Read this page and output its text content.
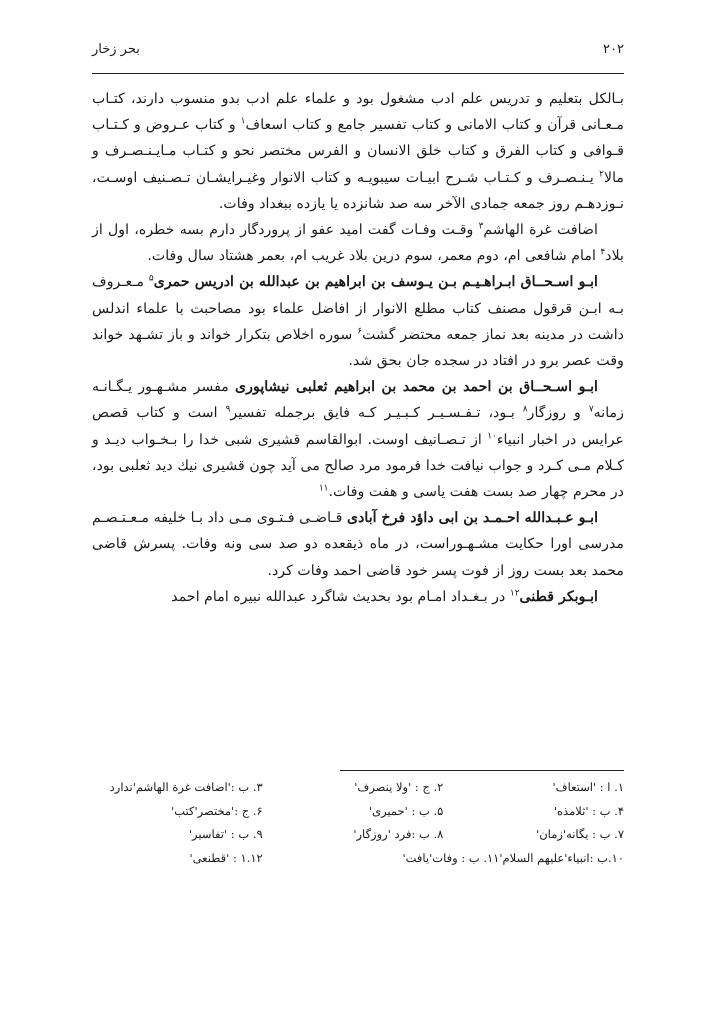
۲۰۲
بحر زخار

بـالکل بتعلیم و تدریس علم ادب مشغول بود و علماء علم ادب بدو منسوب دارند، کتـاب مـعـانی قرآن و کتاب الامانی و کتاب تفسیر جامع و کتاب اسعاف$^۱$ و کتاب عـروض و کـتـاب قـوافی و کتاب الفرق و کتاب خلق الانسان و الفرس مختصر نحو و کتـاب مـایـنـصـرف و مالا$^۲$ یـنـصـرف و کـتـاب شـرح ابیـات سیبویـه و کتاب الانوار وغیـرایشـان تـصـنیف اوسـت، نـوزدهـم روز جمعه جمادی الآخر سه صد شانزده یا یازده ببغداد وفات.

اضافت غرة الهاشم$^۳$ وقـت وفـات گفت امید عفو از پروردگار دارم بسه خطره، اول از بلاد$^۴$ امام شافعی ام، دوم معمر، سوم درین بلاد غریب ام، بعمر هشتاد سال وفات.

ابـو اسـحــاق ابـراهـیـم بـن یـوسف بن ابراهیم بن عبدالله بن ادریس حمری$^۵$ مـعـروف بـه ابـن قرقول مصنف کتاب مطلع الانوار از افاضل علماء بود مصاحبت با علماء اندلس داشت در مدینه بعد نماز جمعه محتضر گشت$^۶$ سوره اخلاص بتکرار خواند و باز تشـهد خواند وقت عصر برو در افتاد در سجده جان بحق شد.

ابـو اسـحــاق بن احمد بن محمد بن ابراهیم ثعلبی نیشاپوری مفسر مشـهـور یـگـانـه زمانه$^۷$ و روزگار$^۸$ بـود، تـفـسـیـر کـبـیـر کـه فایق برجمله تفسیر$^۹$ است و کتاب قصص عرایس در اخبار انبیاء$^{۱۰}$ از تـصـانیف اوست. ابوالقاسم قشیری شبی خدا را بـخـواب دیـد و کـلام مـی کـرد و جواب نیافت خدا فرمود مرد صالح می آید چون قشیری نیك دید ثعلبی بود، در محرم چهار صد بست هفت یاسی و هفت وفات.$^{۱۱}$

ابـو عـبـدالله احـمـد بن ابی داؤد فرخ آبادی قـاضـی فـتـوی مـی داد بـا خلیفه مـعـتـصـم مدرسی اورا حکایت مشـهـوراست، در ماه ذیقعده دو صد سی ونه وفات. پسرش قاضی محمد بعد بست روز از فوت پسر خود قاضی احمد وفات کرد.

ابـوبکر قطنی$^{۱۲}$ در بـغـداد امـام بود بحدیث شاگرد عبدالله نبیره امام احمد

۱. ا : 'استعاف'
۲. ج : 'ولا ینصرف'
۳. ب :'اضافت غرة الهاشم'ندارد
۴. ب : 'ثلامذه'
۵. ب : 'حمیری'
۶. ج :'مختصر'کتب'
۷. ب : یگانه'زمان'
۸. ب :فرد 'روزگار'
۹. ب : 'تفاسیر'
۱۰.ب :انبیاء'علیهم السلام'۱۱. ب : وفات'یافت'
۱.۱۲ : 'قطنعی'
